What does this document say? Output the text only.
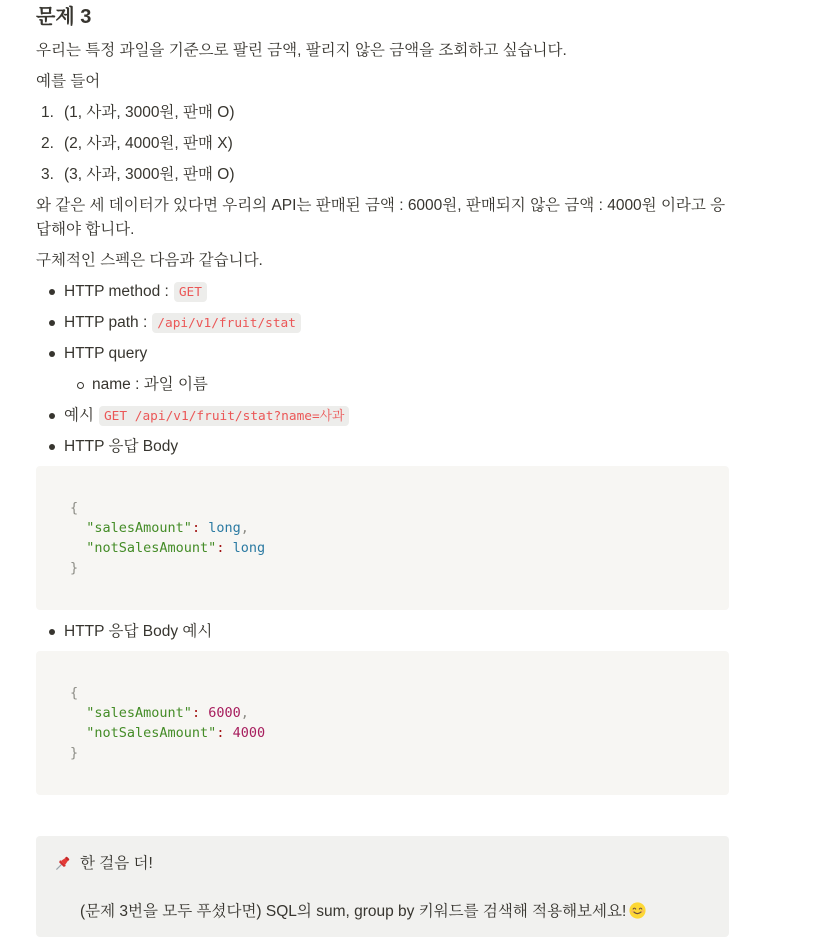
문제 3

우리는 특정 과일을 기준으로 팔린 금액, 팔리지 않은 금액을 조회하고 싶습니다.

예를 들어

1. (1, 사과, 3000원, 판매 O)
2. (2, 사과, 4000원, 판매 X)
3. (3, 사과, 3000원, 판매 O)

와 같은 세 데이터가 있다면 우리의 API는 판매된 금액 : 6000원, 판매되지 않은 금액 : 4000원 이라고 응답해야 합니다.

구체적인 스펙은 다음과 같습니다.

HTTP method : GET
HTTP path : /api/v1/fruit/stat
HTTP query
name : 과일 이름
예시 GET /api/v1/fruit/stat?name=사과
HTTP 응답 Body
{
"salesAmount": long,
"notSalesAmount": long
}
HTTP 응답 Body 예시
{
"salesAmount": 6000,
"notSalesAmount": 4000
}
한 걸음 더!
(문제 3번을 모두 푸셨다면) SQL의 sum, group by 키워드를 검색해 적용해보세요!
